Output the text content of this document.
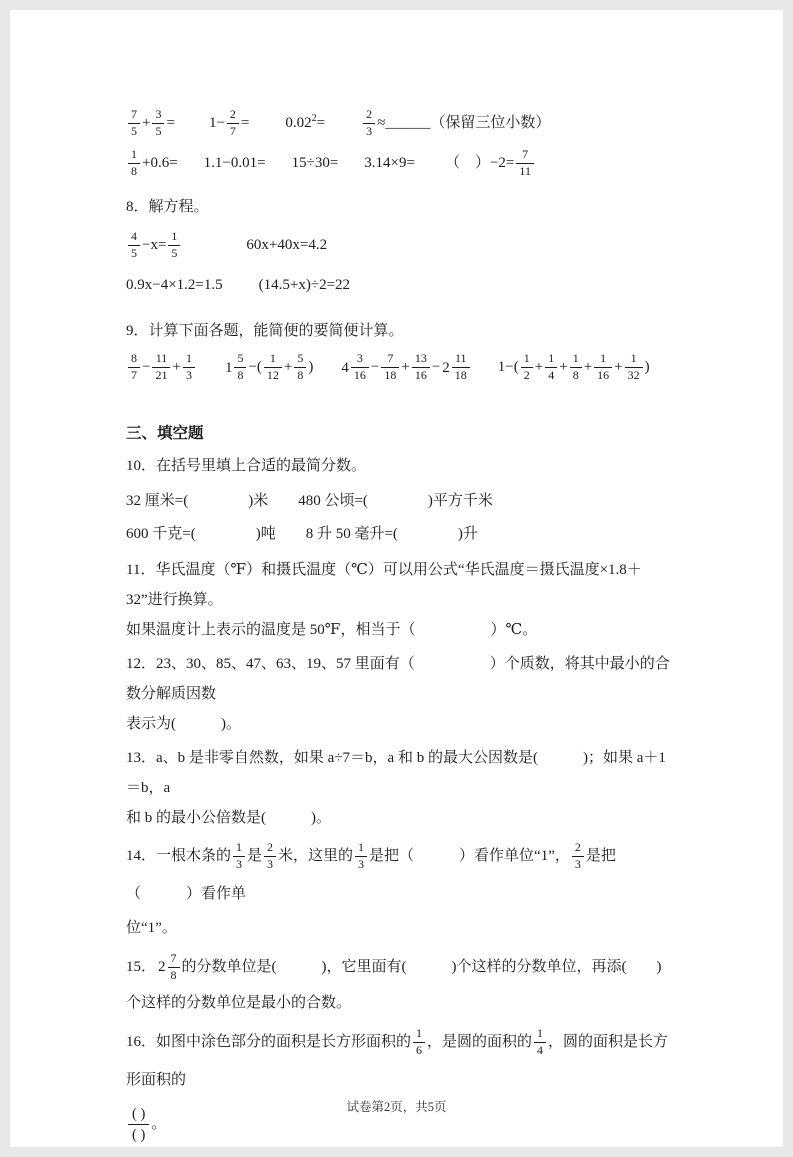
$\frac{7}{5} + \frac{3}{5} = 1- \frac{2}{7} = 0.02^2=$	$\frac{2}{3}$ ≈______（保留三位小数）
$\frac{1}{8} +0.6= 1.1-0.01= 15\div 30= 3.14\times 9=$ （　）$-2= \frac{7}{11}$
8．解方程。
$\frac{4}{5} -x= \frac{1}{5}$	60x+40x=4.2
0.9x−4×1.2=1.5 (14.5+x)÷2=22
9．计算下面各题，能简便的要简便计算。
$\frac{8}{7} - \frac{11}{21} + \frac{1}{3} 1 \frac{5}{8}$ −( $\frac{1}{12} + \frac{5}{8}$ ) $4 \frac{3}{16} - \frac{7}{18} + \frac{13}{16} - 2 \frac{11}{18} 1-( \frac{1}{2} + \frac{1}{4} + \frac{1}{8} + \frac{1}{16} + \frac{1}{32}$ )
三、填空题
10．在括号里填上合适的最简分数。
32 厘米=(　　　　)米　　480 公顷=(　　　　)平方千米
600 千克=(　　　　)吨　　8 升 50 毫升=(　　　　)升
11．华氏温度（℉）和摄氏温度（℃）可以用公式“华氏温度＝摄氏温度×1.8＋32”进行换算。
如果温度计上表示的温度是 50℉，相当于（　　　　　）℃。
12．23、30、85、47、63、19、57 里面有（　　　　　）个质数，将其中最小的合数分解质因数
表示为(　　　)。
13．a、b 是非零自然数，如果 a÷7＝b，a 和 b 的最大公因数是(　　　)；如果 a＋1＝b，a
和 b 的最小公倍数是(　　　)。
14．一根木条的 $\frac{1}{3}$ 是 $\frac{2}{3}$ 米，这里的 $\frac{1}{3}$ 是把（　　　）看作单位“1”， $\frac{2}{3}$ 是把（　　　）看作单
位“1”。
15． $2 \frac{7}{8}$ 的分数单位是(　　　)，它里面有(　　　)个这样的分数单位，再添(　　)
个这样的分数单位是最小的合数。
16．如图中涂色部分的面积是长方形面积的 $\frac{1}{6}$ ，是圆的面积的 $\frac{1}{4}$ ，圆的面积是长方形面积的
$\frac{( )}{( )}$ 。
试卷第2页，共5页
